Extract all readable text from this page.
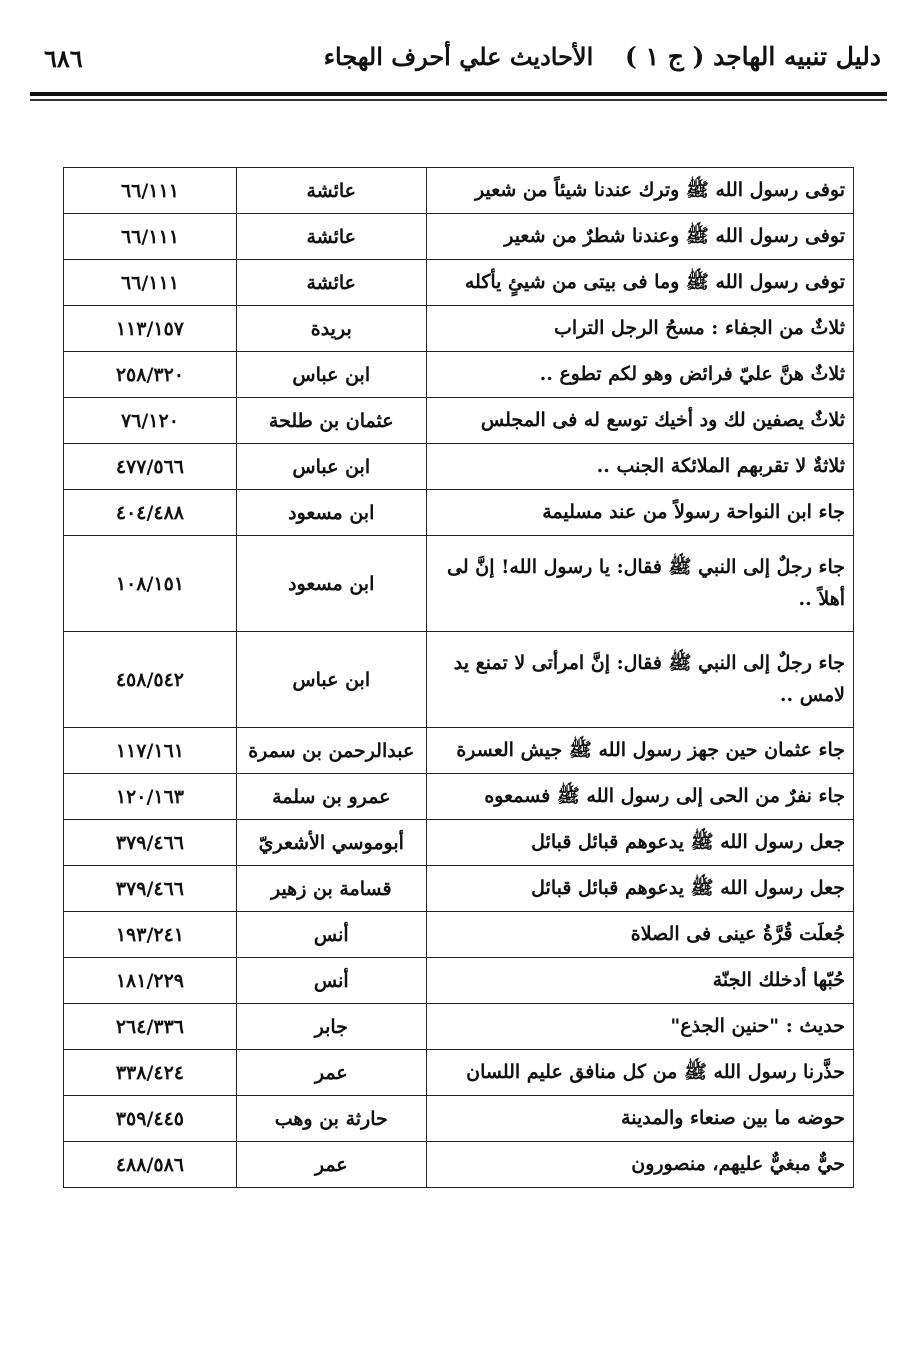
دليل تنبيه الهاجد ( ج ١ )
الأحاديث علي أحرف الهجاء
٦٨٦
توفى رسول الله ﷺ وترك عندنا شيئاً من شعير	عائشة	٦٦/١١١
توفى رسول الله ﷺ وعندنا شطرٌ من شعير	عائشة	٦٦/١١١
توفى رسول الله ﷺ وما فى بيتى من شيئٍ يأكله	عائشة	٦٦/١١١
ثلاثٌ من الجفاء : مسحُ الرجل التراب	بريدة	١١٣/١٥٧
ثلاثٌ هنَّ عليّ فرائض وهو لكم تطوع ..	ابن عباس	٢٥٨/٣٢٠
ثلاثٌ يصفين لك ود أخيك توسع له فى المجلس	عثمان بن طلحة	٧٦/١٢٠
ثلاثةٌ لا تقربهم الملائكة الجنب ..	ابن عباس	٤٧٧/٥٦٦
جاء ابن النواحة رسولاً من عند مسليمة	ابن مسعود	٤٠٤/٤٨٨
جاء رجلٌ إلى النبي ﷺ فقال: يا رسول الله! إنَّ لى أهلاً ..	ابن مسعود	١٠٨/١٥١
جاء رجلٌ إلى النبي ﷺ فقال: إنَّ امرأتى لا تمنع يد لامس ..	ابن عباس	٤٥٨/٥٤٢
جاء عثمان حين جهز رسول الله ﷺ جيش العسرة	عبدالرحمن بن سمرة	١١٧/١٦١
جاء نفرٌ من الحى إلى رسول الله ﷺ فسمعوه	عمرو بن سلمة	١٢٠/١٦٣
جعل رسول الله ﷺ يدعوهم قبائل قبائل	أبوموسي الأشعريّ	٣٧٩/٤٦٦
جعل رسول الله ﷺ يدعوهم قبائل قبائل	قسامة بن زهير	٣٧٩/٤٦٦
جُعلَت قُرَّةُ عينى فى الصلاة	أنس	١٩٣/٢٤١
حُبّها أدخلك الجنّة	أنس	١٨١/٢٢٩
حديث : "حنين الجذع"	جابر	٢٦٤/٣٣٦
حذَّرنا رسول الله ﷺ من كل منافق عليم اللسان	عمر	٣٣٨/٤٢٤
حوضه ما بين صنعاء والمدينة	حارثة بن وهب	٣٥٩/٤٤٥
حيٌّ مبغيٌّ عليهم، منصورون	عمر	٤٨٨/٥٨٦
